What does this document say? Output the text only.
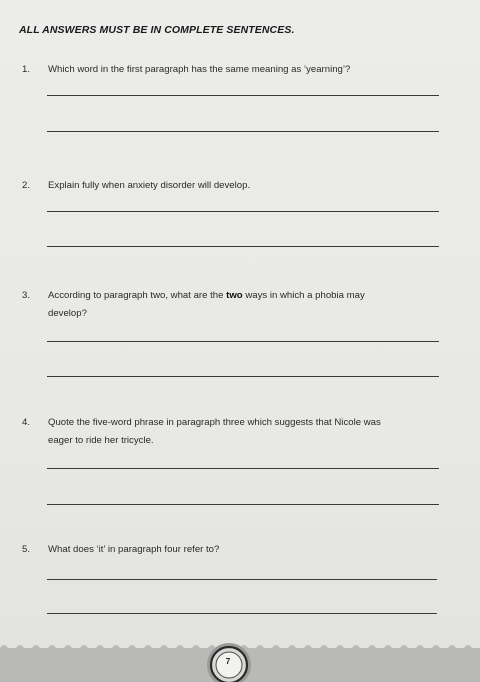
ALL ANSWERS MUST BE IN COMPLETE SENTENCES.
1.	Which word in the first paragraph has the same meaning as ‘yearning’?
2.	Explain fully when anxiety disorder will develop.
3.	According to paragraph two, what are the two ways in which a phobia may
develop?
4.	Quote the five-word phrase in paragraph three which suggests that Nicole was
eager to ride her tricycle.
5.	What does ‘it’ in paragraph four refer to?
7
